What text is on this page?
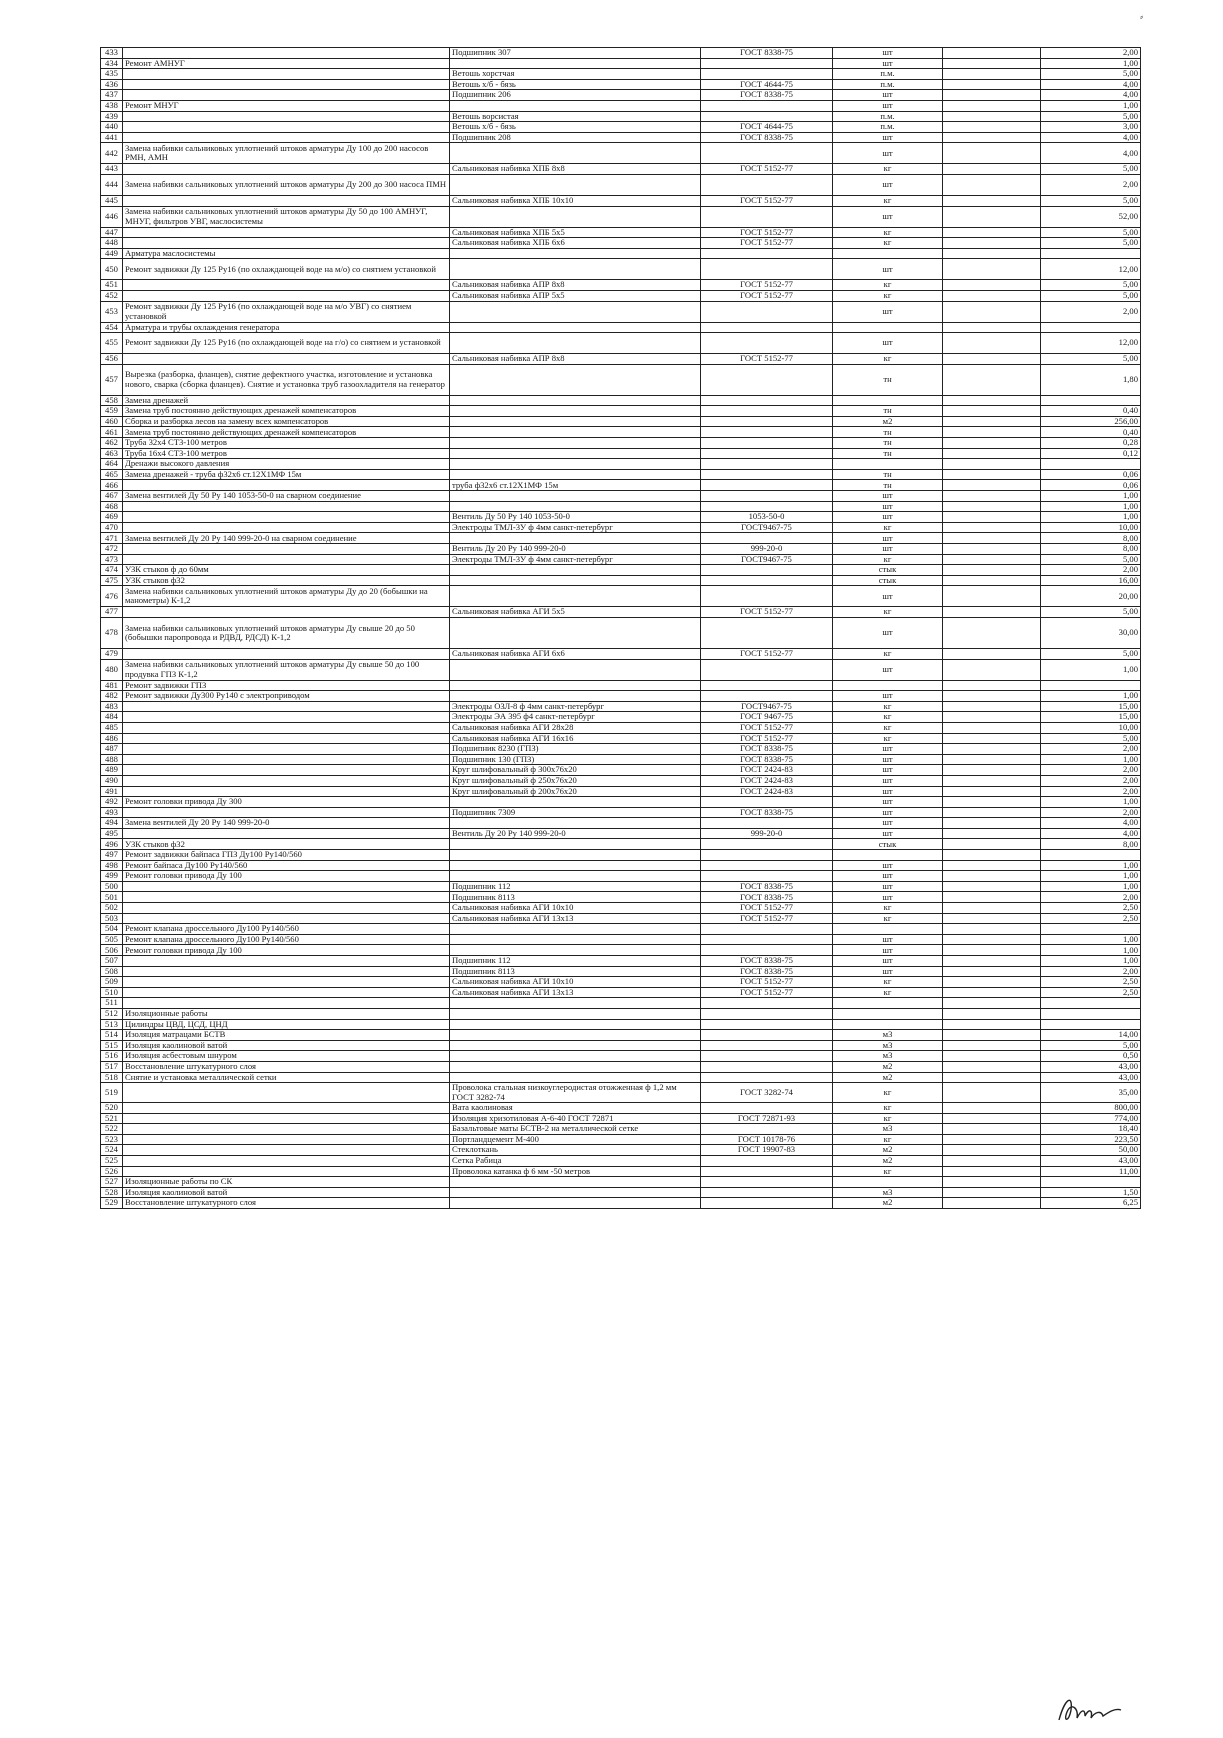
433		Подшипник 307	ГОСТ 8338-75	шт		2,00
434	Ремонт АМНУГ			шт		1,00
435		Ветошь хорстчая		п.м.		5,00
436		Ветошь х/б - бязь	ГОСТ 4644-75	п.м.		4,00
437		Подшипник 206	ГОСТ 8338-75	шт		4,00
438	Ремонт МНУГ			шт		1,00
439		Ветошь ворсистая		п.м.		5,00
440		Ветошь х/б - бязь	ГОСТ 4644-75	п.м.		3,00
441		Подшипник 208	ГОСТ 8338-75	шт		4,00
442	Замена набивки сальниковых уплотнений штоков арматуры Ду 100 до 200 насосов РМН, АМН			шт		4,00
443		Сальниковая набивка ХПБ 8х8	ГОСТ 5152-77	кг		5,00
444	Замена набивки сальниковых уплотнений штоков арматуры Ду 200 до 300 насоса ПМН			шт		2,00
445		Сальниковая набивка ХПБ 10х10	ГОСТ 5152-77	кг		5,00
446	Замена набивки сальниковых уплотнений штоков арматуры Ду 50 до 100 АМНУГ, МНУГ, фильтров УВГ, маслосистемы			шт		52,00
447		Сальниковая набивка ХПБ 5х5	ГОСТ 5152-77	кг		5,00
448		Сальниковая набивка ХПБ 6х6	ГОСТ 5152-77	кг		5,00
449	Арматура маслосистемы					
450	Ремонт задвижки Ду 125 Ру16 (по охлаждающей воде на м/о) со снятием установкой			шт		12,00
451		Сальниковая набивка АПР 8х8	ГОСТ 5152-77	кг		5,00
452		Сальниковая набивка АПР 5х5	ГОСТ 5152-77	кг		5,00
453	Ремонт задвижки Ду 125 Ру16 (по охлаждающей воде на м/о УВГ) со снятием установкой			шт		2,00
454	Арматура и трубы охлаждения генератора					
455	Ремонт задвижки Ду 125 Ру16 (по охлаждающей воде на г/о) со снятием и установкой			шт		12,00
456		Сальниковая набивка АПР 8х8	ГОСТ 5152-77	кг		5,00
457	Вырезка (разборка, фланцев), снятие дефектного участка, изготовление и установка нового, сварка (сборка фланцев). Снятие и установка труб газоохладителя на генератор			тн		1,80
458	Замена дренажей					
459	Замена труб постоянно действующих дренажей компенсаторов			тн		0,40
460	Сборка и разборка лесов на замену всех компенсаторов			м2		256,00
461	Замена труб постоянно действующих дренажей компенсаторов			тн		0,40
462	Труба 32х4 СТ3-100 метров			тн		0,28
463	Труба 16х4 СТ3-100 метров			тн		0,12
464	Дренажи высокого давления					
465	Замена дренажей - труба ф32х6 ст.12Х1МФ 15м			тн		0,06
466		труба ф32х6 ст.12Х1МФ 15м		тн		0,06
467	Замена вентилей Ду 50 Ру 140 1053-50-0 на сварном соединение			шт		1,00
468				шт		1,00
469		Вентиль Ду 50 Ру 140 1053-50-0	1053-50-0	шт		1,00
470		Электроды ТМЛ-3У ф 4мм санкт-петербург	ГОСТ9467-75	кг		10,00
471	Замена вентилей Ду 20 Ру 140 999-20-0 на сварном соединение			шт		8,00
472		Вентиль Ду 20 Ру 140 999-20-0	999-20-0	шт		8,00
473		Электроды ТМЛ-3У ф 4мм санкт-петербург	ГОСТ9467-75	кг		5,00
474	УЗК стыков ф до 60мм			стык		2,00
475	УЗК стыков ф32			стык		16,00
476	Замена набивки сальниковых уплотнений штоков арматуры Ду до 20 (бобышки на манометры) К-1,2			шт		20,00
477		Сальниковая набивка АГИ 5х5	ГОСТ 5152-77	кг		5,00
478	Замена набивки сальниковых уплотнений штоков арматуры Ду свыше 20 до 50 (бобышки паропровода и РДВД, РДСД) К-1,2			шт		30,00
479		Сальниковая набивка АГИ 6х6	ГОСТ 5152-77	кг		5,00
480	Замена набивки сальниковых уплотнений штоков арматуры Ду свыше 50 до 100 продувка ГПЗ К-1,2			шт		1,00
481	Ремонт задвижки ГПЗ					
482	Ремонт задвижки Ду300 Ру140 с электроприводом			шт		1,00
483		Электроды ОЗЛ-8 ф 4мм санкт-петербург	ГОСТ9467-75	кг		15,00
484		Электроды ЭА 395 ф4 санкт-петербург	ГОСТ 9467-75	кг		15,00
485		Сальниковая набивка АГИ 28х28	ГОСТ 5152-77	кг		10,00
486		Сальниковая набивка АГИ 16х16	ГОСТ 5152-77	кг		5,00
487		Подшипник 8230 (ГПЗ)	ГОСТ 8338-75	шт		2,00
488		Подшипник 130 (ГПЗ)	ГОСТ 8338-75	шт		1,00
489		Круг шлифовальный ф 300х76х20	ГОСТ 2424-83	шт		2,00
490		Круг шлифовальный ф 250х76х20	ГОСТ 2424-83	шт		2,00
491		Круг шлифовальный ф 200х76х20	ГОСТ 2424-83	шт		2,00
492	Ремонт головки привода Ду 300			шт		1,00
493		Подшипник 7309	ГОСТ 8338-75	шт		2,00
494	Замена вентилей Ду 20 Ру 140 999-20-0			шт		4,00
495		Вентиль Ду 20 Ру 140 999-20-0	999-20-0	шт		4,00
496	УЗК стыков ф32			стык		8,00
497	Ремонт задвижки байпаса ГПЗ Ду100 Ру140/560					
498	Ремонт байпаса Ду100 Ру140/560			шт		1,00
499	Ремонт головки привода Ду 100			шт		1,00
500		Подшипник 112	ГОСТ 8338-75	шт		1,00
501		Подшипник 8113	ГОСТ 8338-75	шт		2,00
502		Сальниковая набивка АГИ 10х10	ГОСТ 5152-77	кг		2,50
503		Сальниковая набивка АГИ 13х13	ГОСТ 5152-77	кг		2,50
504	Ремонт клапана дроссельного Ду100 Ру140/560					
505	Ремонт клапана дроссельного Ду100 Ру140/560			шт		1,00
506	Ремонт головки привода Ду 100			шт		1,00
507		Подшипник 112	ГОСТ 8338-75	шт		1,00
508		Подшипник 8113	ГОСТ 8338-75	шт		2,00
509		Сальниковая набивка АГИ 10х10	ГОСТ 5152-77	кг		2,50
510		Сальниковая набивка АГИ 13х13	ГОСТ 5152-77	кг		2,50
511						
512	Изоляционные работы					
513	Цилиндры ЦВД, ЦСД, ЦНД					
514	Изоляция матрацами БСТВ			м3		14,00
515	Изоляция каолиновой ватой			м3		5,00
516	Изоляция асбестовым шнуром			м3		0,50
517	Восстановление штукатурного слоя			м2		43,00
518	Снятие и установка металлической сетки			м2		43,00
519		Проволока стальная низкоуглеродистая отожженная ф 1,2 мм ГОСТ 3282-74	ГОСТ 3282-74	кг		35,00
520		Вата каолиновая		кг		800,00
521		Изоляция хризотиловая А-6-40 ГОСТ 72871	ГОСТ 72871-93	кг		774,00
522		Базальтовые маты БСТВ-2 на металлической сетке		м3		18,40
523		Портландцемент М-400	ГОСТ 10178-76	кг		223,50
524		Стеклоткань	ГОСТ 19907-83	м2		50,00
525		Сетка Рабица		м2		43,00
526		Проволока катанка ф 6 мм -50 метров		кг		11,00
527	Изоляционные работы по СК					
528	Изоляция каолиновой ватой			м3		1,50
529	Восстановление штукатурного слоя			м2		6,25
⸗
